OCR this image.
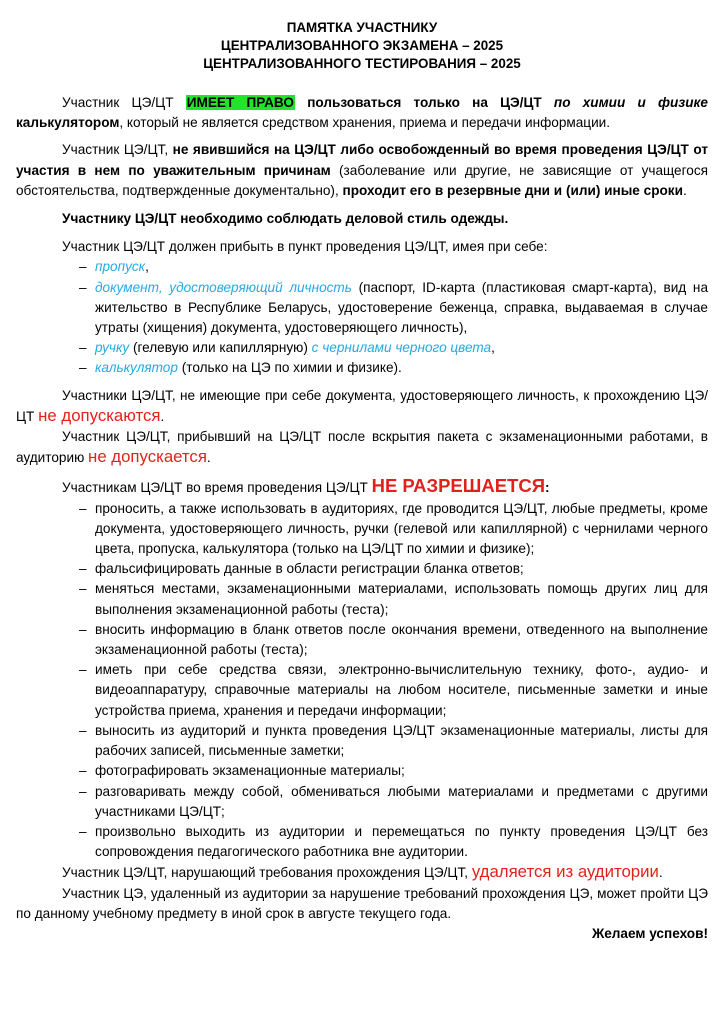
ПАМЯТКА УЧАСТНИКУ
ЦЕНТРАЛИЗОВАННОГО ЭКЗАМЕНА – 2025
ЦЕНТРАЛИЗОВАННОГО ТЕСТИРОВАНИЯ – 2025

Участник ЦЭ/ЦТ ИМЕЕТ ПРАВО пользоваться только на ЦЭ/ЦТ по химии и физике калькулятором, который не является средством хранения, приема и передачи информации.

Участник ЦЭ/ЦТ, не явившийся на ЦЭ/ЦТ либо освобожденный во время проведения ЦЭ/ЦТ от участия в нем по уважительным причинам (заболевание или другие, не зависящие от учащегося обстоятельства, подтвержденные документально), проходит его в резервные дни и (или) иные сроки.

Участнику ЦЭ/ЦТ необходимо соблюдать деловой стиль одежды.

Участник ЦЭ/ЦТ должен прибыть в пункт проведения ЦЭ/ЦТ, имея при себе:

– пропуск,
– документ, удостоверяющий личность (паспорт, ID-карта (пластиковая смарт-карта), вид на жительство в Республике Беларусь, удостоверение беженца, справка, выдаваемая в случае утраты (хищения) документа, удостоверяющего личность),
– ручку (гелевую или капиллярную) с чернилами черного цвета,
– калькулятор (только на ЦЭ по химии и физике).

Участники ЦЭ/ЦТ, не имеющие при себе документа, удостоверяющего личность, к прохождению ЦЭ/ЦТ не допускаются.

Участник ЦЭ/ЦТ, прибывший на ЦЭ/ЦТ после вскрытия пакета с экзаменационными работами, в аудиторию не допускается.

Участникам ЦЭ/ЦТ во время проведения ЦЭ/ЦТ НЕ РАЗРЕШАЕТСЯ:

– проносить, а также использовать в аудиториях, где проводится ЦЭ/ЦТ, любые предметы, кроме документа, удостоверяющего личность, ручки (гелевой или капиллярной) с чернилами черного цвета, пропуска, калькулятора (только на ЦЭ/ЦТ по химии и физике);
– фальсифицировать данные в области регистрации бланка ответов;
– меняться местами, экзаменационными материалами, использовать помощь других лиц для выполнения экзаменационной работы (теста);
– вносить информацию в бланк ответов после окончания времени, отведенного на выполнение экзаменационной работы (теста);
– иметь при себе средства связи, электронно-вычислительную технику, фото-, аудио- и видеоаппаратуру, справочные материалы на любом носителе, письменные заметки и иные устройства приема, хранения и передачи информации;
– выносить из аудиторий и пункта проведения ЦЭ/ЦТ экзаменационные материалы, листы для рабочих записей, письменные заметки;
– фотографировать экзаменационные материалы;
– разговаривать между собой, обмениваться любыми материалами и предметами с другими участниками ЦЭ/ЦТ;
– произвольно выходить из аудитории и перемещаться по пункту проведения ЦЭ/ЦТ без сопровождения педагогического работника вне аудитории.

Участник ЦЭ/ЦТ, нарушающий требования прохождения ЦЭ/ЦТ, удаляется из аудитории.

Участник ЦЭ, удаленный из аудитории за нарушение требований прохождения ЦЭ, может пройти ЦЭ по данному учебному предмету в иной срок в августе текущего года.

Желаем успехов!
